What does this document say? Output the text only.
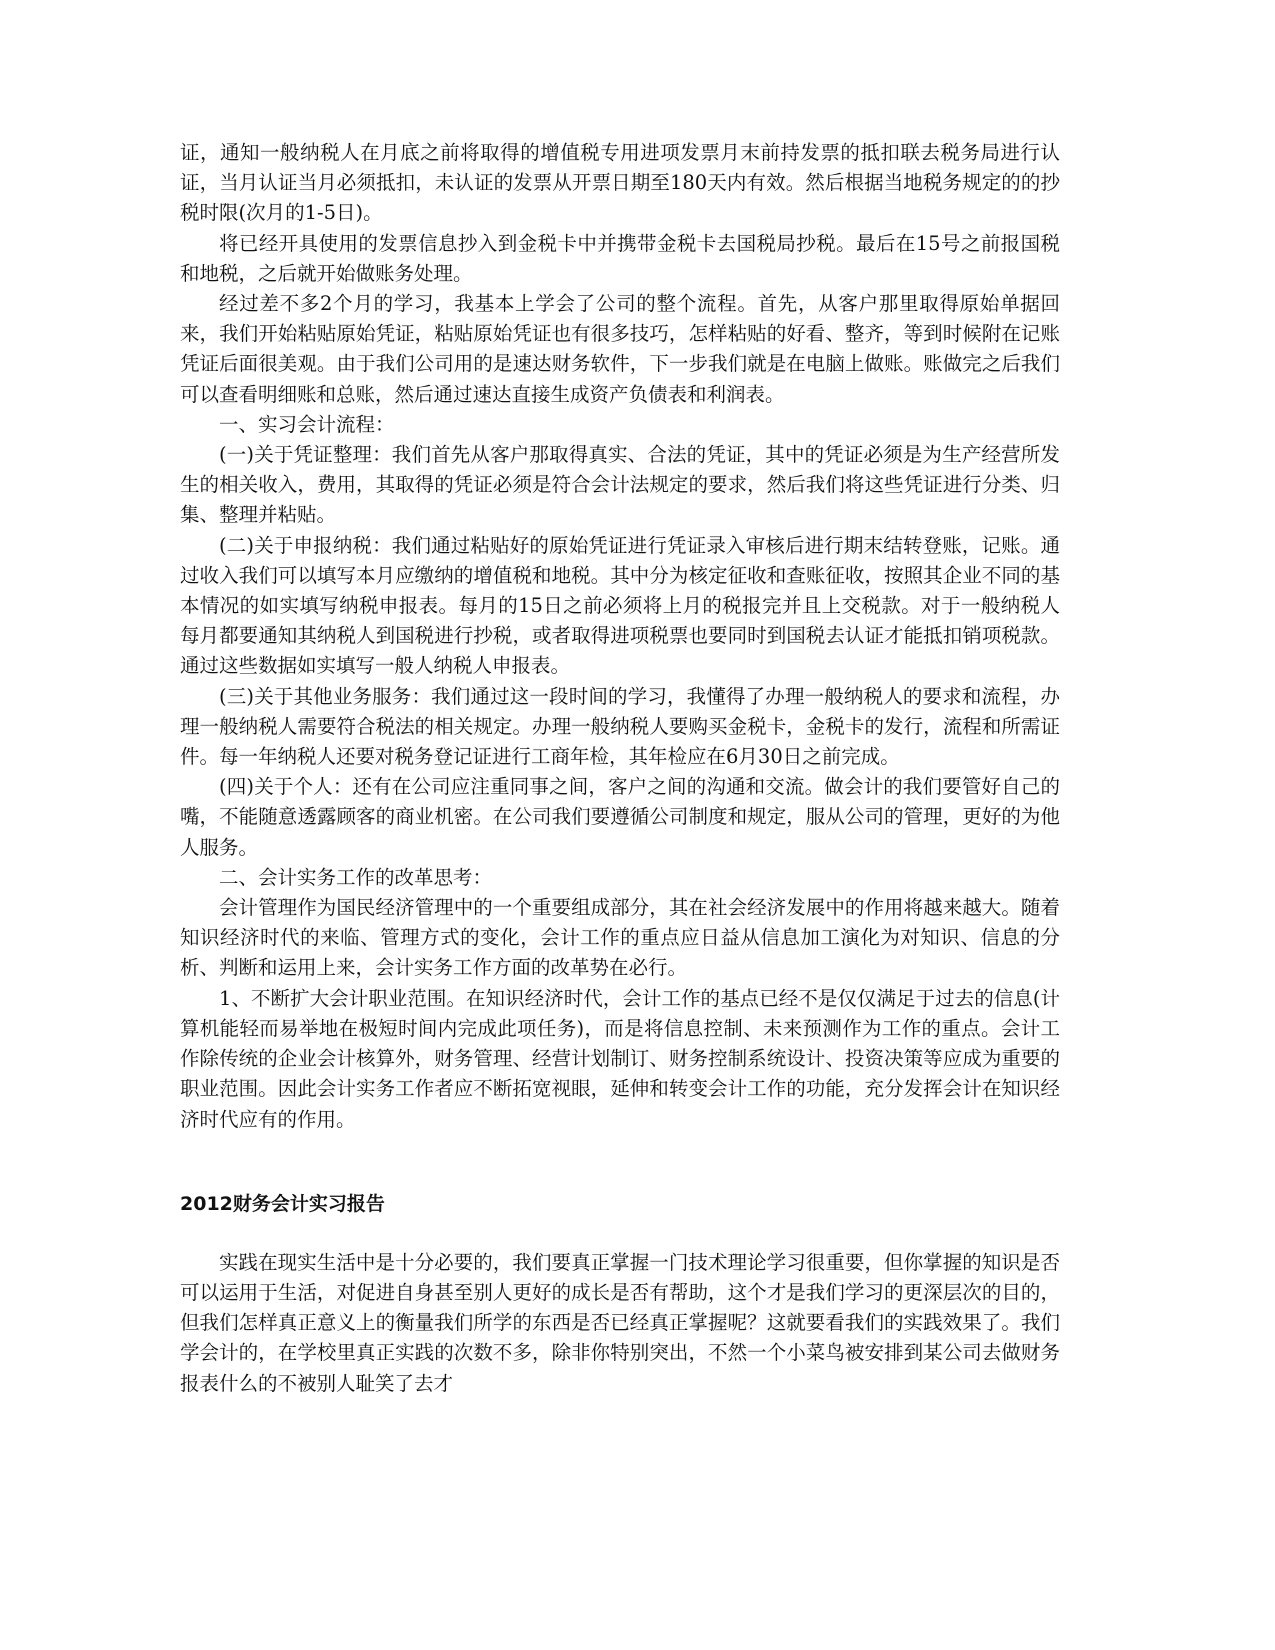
证，通知一般纳税人在月底之前将取得的增值税专用进项发票月末前持发票的抵扣联去税务局进行认证，当月认证当月必须抵扣，未认证的发票从开票日期至180天内有效。然后根据当地税务规定的的抄税时限(次月的1-5日)。

将已经开具使用的发票信息抄入到金税卡中并携带金税卡去国税局抄税。最后在15号之前报国税和地税，之后就开始做账务处理。

经过差不多2个月的学习，我基本上学会了公司的整个流程。首先，从客户那里取得原始单据回来，我们开始粘贴原始凭证，粘贴原始凭证也有很多技巧，怎样粘贴的好看、整齐，等到时候附在记账凭证后面很美观。由于我们公司用的是速达财务软件，下一步我们就是在电脑上做账。账做完之后我们可以查看明细账和总账，然后通过速达直接生成资产负债表和利润表。

一、实习会计流程：

(一)关于凭证整理：我们首先从客户那取得真实、合法的凭证，其中的凭证必须是为生产经营所发生的相关收入，费用，其取得的凭证必须是符合会计法规定的要求，然后我们将这些凭证进行分类、归集、整理并粘贴。

(二)关于申报纳税：我们通过粘贴好的原始凭证进行凭证录入审核后进行期末结转登账，记账。通过收入我们可以填写本月应缴纳的增值税和地税。其中分为核定征收和查账征收，按照其企业不同的基本情况的如实填写纳税申报表。每月的15日之前必须将上月的税报完并且上交税款。对于一般纳税人每月都要通知其纳税人到国税进行抄税，或者取得进项税票也要同时到国税去认证才能抵扣销项税款。通过这些数据如实填写一般人纳税人申报表。

(三)关于其他业务服务：我们通过这一段时间的学习，我懂得了办理一般纳税人的要求和流程，办理一般纳税人需要符合税法的相关规定。办理一般纳税人要购买金税卡，金税卡的发行，流程和所需证件。每一年纳税人还要对税务登记证进行工商年检，其年检应在6月30日之前完成。

(四)关于个人：还有在公司应注重同事之间，客户之间的沟通和交流。做会计的我们要管好自己的嘴，不能随意透露顾客的商业机密。在公司我们要遵循公司制度和规定，服从公司的管理，更好的为他人服务。

二、会计实务工作的改革思考：

会计管理作为国民经济管理中的一个重要组成部分，其在社会经济发展中的作用将越来越大。随着知识经济时代的来临、管理方式的变化，会计工作的重点应日益从信息加工演化为对知识、信息的分析、判断和运用上来，会计实务工作方面的改革势在必行。

1、不断扩大会计职业范围。在知识经济时代，会计工作的基点已经不是仅仅满足于过去的信息(计算机能轻而易举地在极短时间内完成此项任务)，而是将信息控制、未来预测作为工作的重点。会计工作除传统的企业会计核算外，财务管理、经营计划制订、财务控制系统设计、投资决策等应成为重要的职业范围。因此会计实务工作者应不断拓宽视眼，延伸和转变会计工作的功能，充分发挥会计在知识经济时代应有的作用。

2012财务会计实习报告

实践在现实生活中是十分必要的，我们要真正掌握一门技术理论学习很重要，但你掌握的知识是否可以运用于生活，对促进自身甚至别人更好的成长是否有帮助，这个才是我们学习的更深层次的目的，但我们怎样真正意义上的衡量我们所学的东西是否已经真正掌握呢？这就要看我们的实践效果了。我们学会计的，在学校里真正实践的次数不多，除非你特别突出，不然一个小菜鸟被安排到某公司去做财务报表什么的不被别人耻笑了去才
